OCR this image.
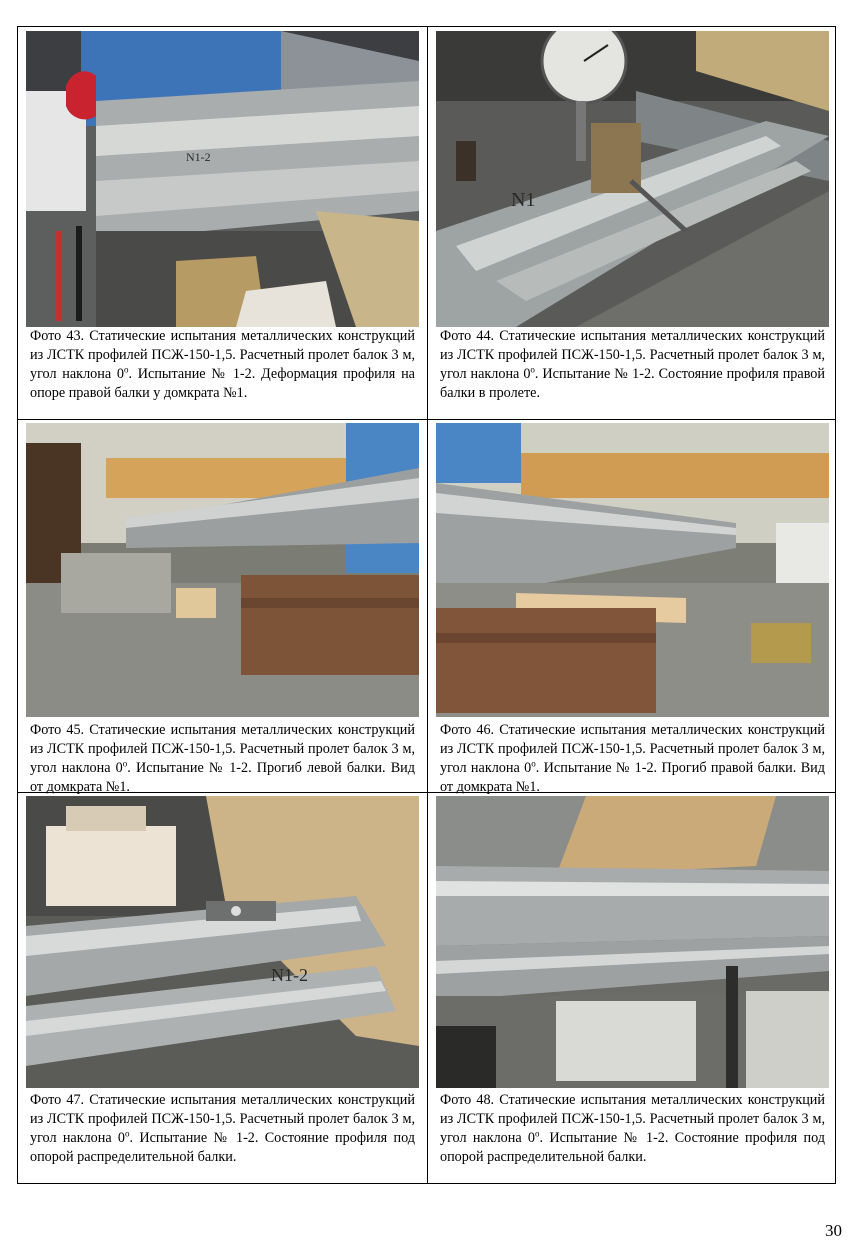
N1-2
Фото 43. Статические испытания металлических конструкций из ЛСТК профилей ПСЖ-150-1,5. Расчетный пролет балок 3 м, угол наклона $0^о$. Испытание № 1-2. Деформация профиля на опоре правой балки у домкрата №1.
N1
Фото 44. Статические испытания металлических конструкций из ЛСТК профилей ПСЖ-150-1,5. Расчетный пролет балок 3 м, угол наклона $0^о$. Испытание № 1-2. Состояние профиля правой балки в пролете.
Фото 45. Статические испытания металлических конструкций из ЛСТК профилей ПСЖ-150-1,5. Расчетный пролет балок 3 м, угол наклона $0^о$. Испытание № 1-2. Прогиб левой балки. Вид от домкрата №1.
Фото 46. Статические испытания металлических конструкций из ЛСТК профилей ПСЖ-150-1,5. Расчетный пролет балок 3 м, угол наклона $0^о$. Испытание № 1-2. Прогиб правой балки. Вид от домкрата №1.
N1-2
Фото 47. Статические испытания металлических конструкций из ЛСТК профилей ПСЖ-150-1,5. Расчетный пролет балок 3 м, угол наклона $0^о$. Испытание № 1-2. Состояние профиля под опорой распределительной балки.
Фото 48. Статические испытания металлических конструкций из ЛСТК профилей ПСЖ-150-1,5. Расчетный пролет балок 3 м, угол наклона $0^о$. Испытание № 1-2. Состояние профиля под опорой распределительной балки.
30
